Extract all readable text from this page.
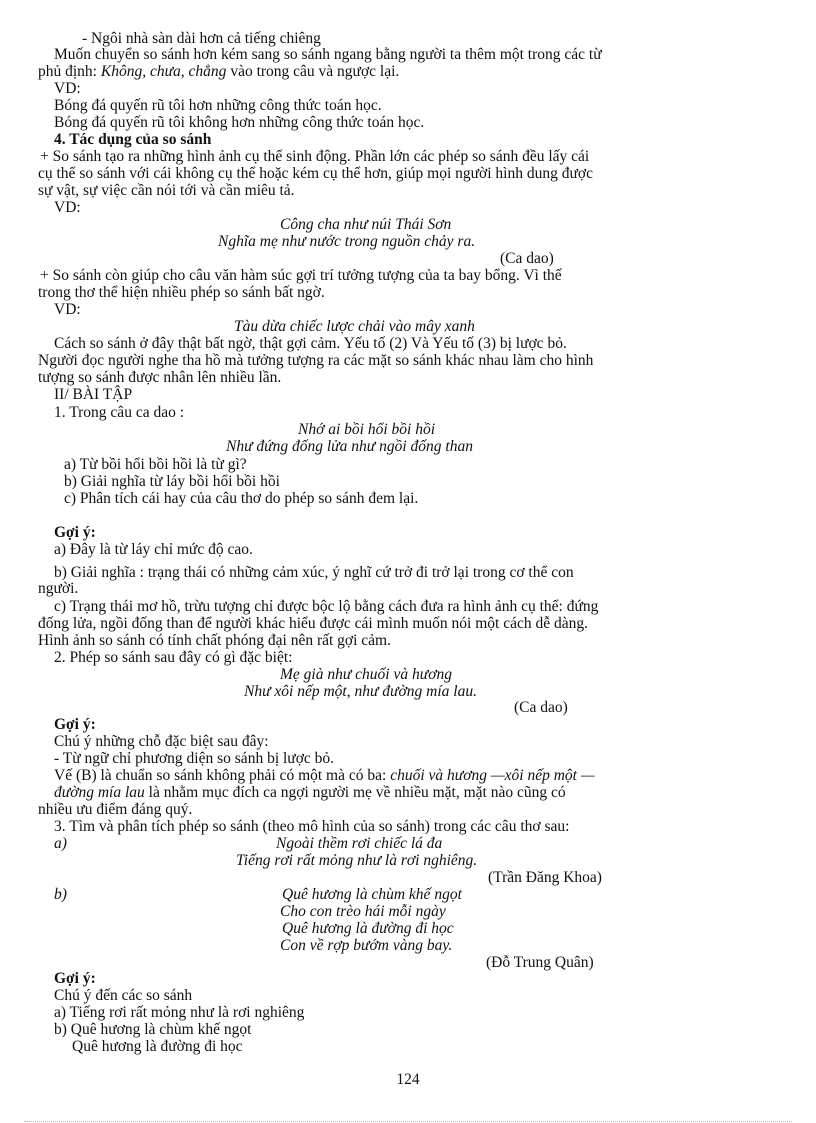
- Ngôi nhà sàn dài hơn cả tiếng chiêng
Muốn chuyển so sánh hơn kém sang so sánh ngang bằng người ta thêm một trong các từ
phủ định: Không, chưa, chẳng vào trong câu và ngược lại.
VD:
Bóng đá quyến rũ tôi hơn những công thức toán học.
Bóng đá quyến rũ tôi không hơn những công thức toán học.
4. Tác dụng của so sánh
+ So sánh tạo ra những hình ảnh cụ thể sinh động. Phần lớn các phép so sánh đều lấy cái
cụ thể so sánh với cái không cụ thể hoặc kém cụ thể hơn, giúp mọi người hình dung được
sự vật, sự việc cần nói tới và cần miêu tả.
VD:
Công cha như núi Thái Sơn
Nghĩa mẹ như nước trong nguồn chảy ra.
(Ca dao)
+ So sánh còn giúp cho câu văn hàm súc gợi trí tưởng tượng của ta bay bổng. Vì thế
trong thơ thể hiện nhiều phép so sánh bất ngờ.
VD:
Tàu dừa chiếc lược chải vào mây xanh
Cách so sánh ở đây thật bất ngờ, thật gợi cảm. Yếu tố (2) Và Yếu tố (3) bị lược bỏ.
Người đọc người nghe tha hồ mà tưởng tượng ra các mặt so sánh khác nhau làm cho hình
tượng so sánh được nhân lên nhiều lần.
II/ BÀI TẬP
1. Trong câu ca dao :
Nhớ ai bồi hổi bồi hồi
Như đứng đống lửa như ngồi đống than
a) Từ bồi hổi bồi hồi là từ gì?
b) Giải nghĩa từ láy bồi hổi bồi hồi
c) Phân tích cái hay của câu thơ do phép so sánh đem lại.
Gợi ý:
a) Đây là từ láy chỉ mức độ cao.
b) Giải nghĩa : trạng thái có những cảm xúc, ý nghĩ cứ trở đi trở lại trong cơ thể con
người.
c) Trạng thái mơ hồ, trừu tượng chỉ được bộc lộ bằng cách đưa ra hình ảnh cụ thể: đứng
đống lửa, ngồi đống than để người khác hiểu được cái mình muốn nói một cách dễ dàng.
Hình ảnh so sánh có tính chất phóng đại nên rất gợi cảm.
2. Phép so sánh sau đây có gì đặc biệt:
Mẹ già như chuối và hương
Như xôi nếp một, như đường mía lau.
(Ca dao)
Gợi ý:
Chú ý những chỗ đặc biệt sau đây:
- Từ ngữ chỉ phương diện so sánh bị lược bỏ.
Vế (B) là chuẩn so sánh không phải có một mà có ba: chuối và hương —xôi nếp một —
đường mía lau là nhằm mục đích ca ngợi người mẹ về nhiều mặt, mặt nào cũng có
nhiều ưu điểm đáng quý.
3. Tìm và phân tích phép so sánh (theo mô hình của so sánh) trong các câu thơ sau:
a)	Ngoài thềm rơi chiếc lá đa
Tiếng rơi rất mỏng như là rơi nghiêng.
(Trần Đăng Khoa)
b)	Quê hương là chùm khế ngọt
Cho con trèo hái mỗi ngày
Quê hương là đường đi học
Con về rợp bướm vàng bay.
(Đỗ Trung Quân)
Gợi ý:
Chú ý đến các so sánh
a) Tiếng rơi rất mỏng như là rơi nghiêng
b) Quê hương là chùm khế ngọt
Quê hương là đường đi học
124
